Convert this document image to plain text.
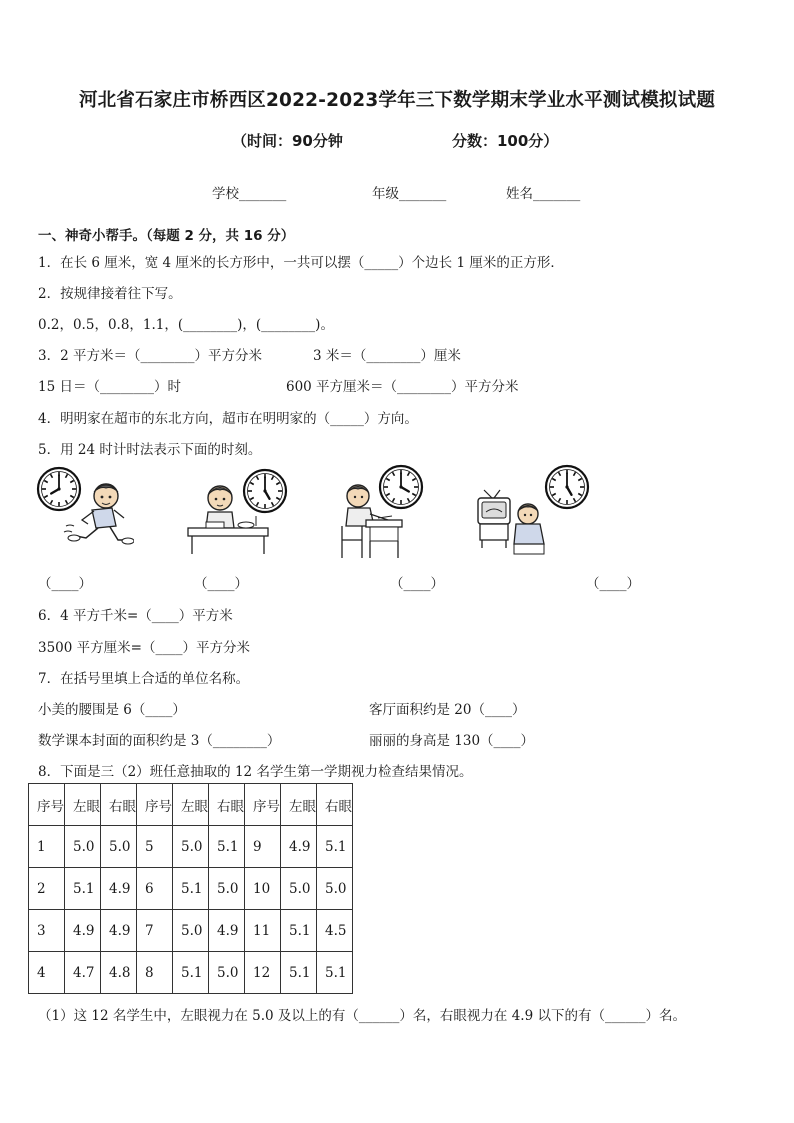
河北省石家庄市桥西区2022-2023学年三下数学期末学业水平测试模拟试题
（时间：90分钟	分数：100分）
学校_______	年级_______	姓名_______
一、神奇小帮手。（每题 2 分，共 16 分）
1．在长 6 厘米，宽 4 厘米的长方形中，一共可以摆（_____）个边长 1 厘米的正方形．
2．按规律接着往下写。
0.2，0.5，0.8，1.1，(________)，(________)。
3．2 平方米＝（________）平方分米	3 米＝（________）厘米
15 日＝（________）时	600 平方厘米＝（________）平方分米
4．明明家在超市的东北方向，超市在明明家的（_____）方向。
5．用 24 时计时法表示下面的时刻。
（____）	（____）	（____）	（____）
6．4 平方千米=（____）平方米
3500 平方厘米=（____）平方分米
7．在括号里填上合适的单位名称。
小美的腰围是 6（____）	客厅面积约是 20（____）
数学课本封面的面积约是 3（________）	丽丽的身高是 130（____）
8．下面是三（2）班任意抽取的 12 名学生第一学期视力检查结果情况。
序号	左眼	右眼	序号	左眼	右眼	序号	左眼	右眼
1	5.0	5.0	5	5.0	5.1	9	4.9	5.1
2	5.1	4.9	6	5.1	5.0	10	5.0	5.0
3	4.9	4.9	7	5.0	4.9	11	5.1	4.5
4	4.7	4.8	8	5.1	5.0	12	5.1	5.1
（1）这 12 名学生中，左眼视力在 5.0 及以上的有（______）名，右眼视力在 4.9 以下的有（______）名。
